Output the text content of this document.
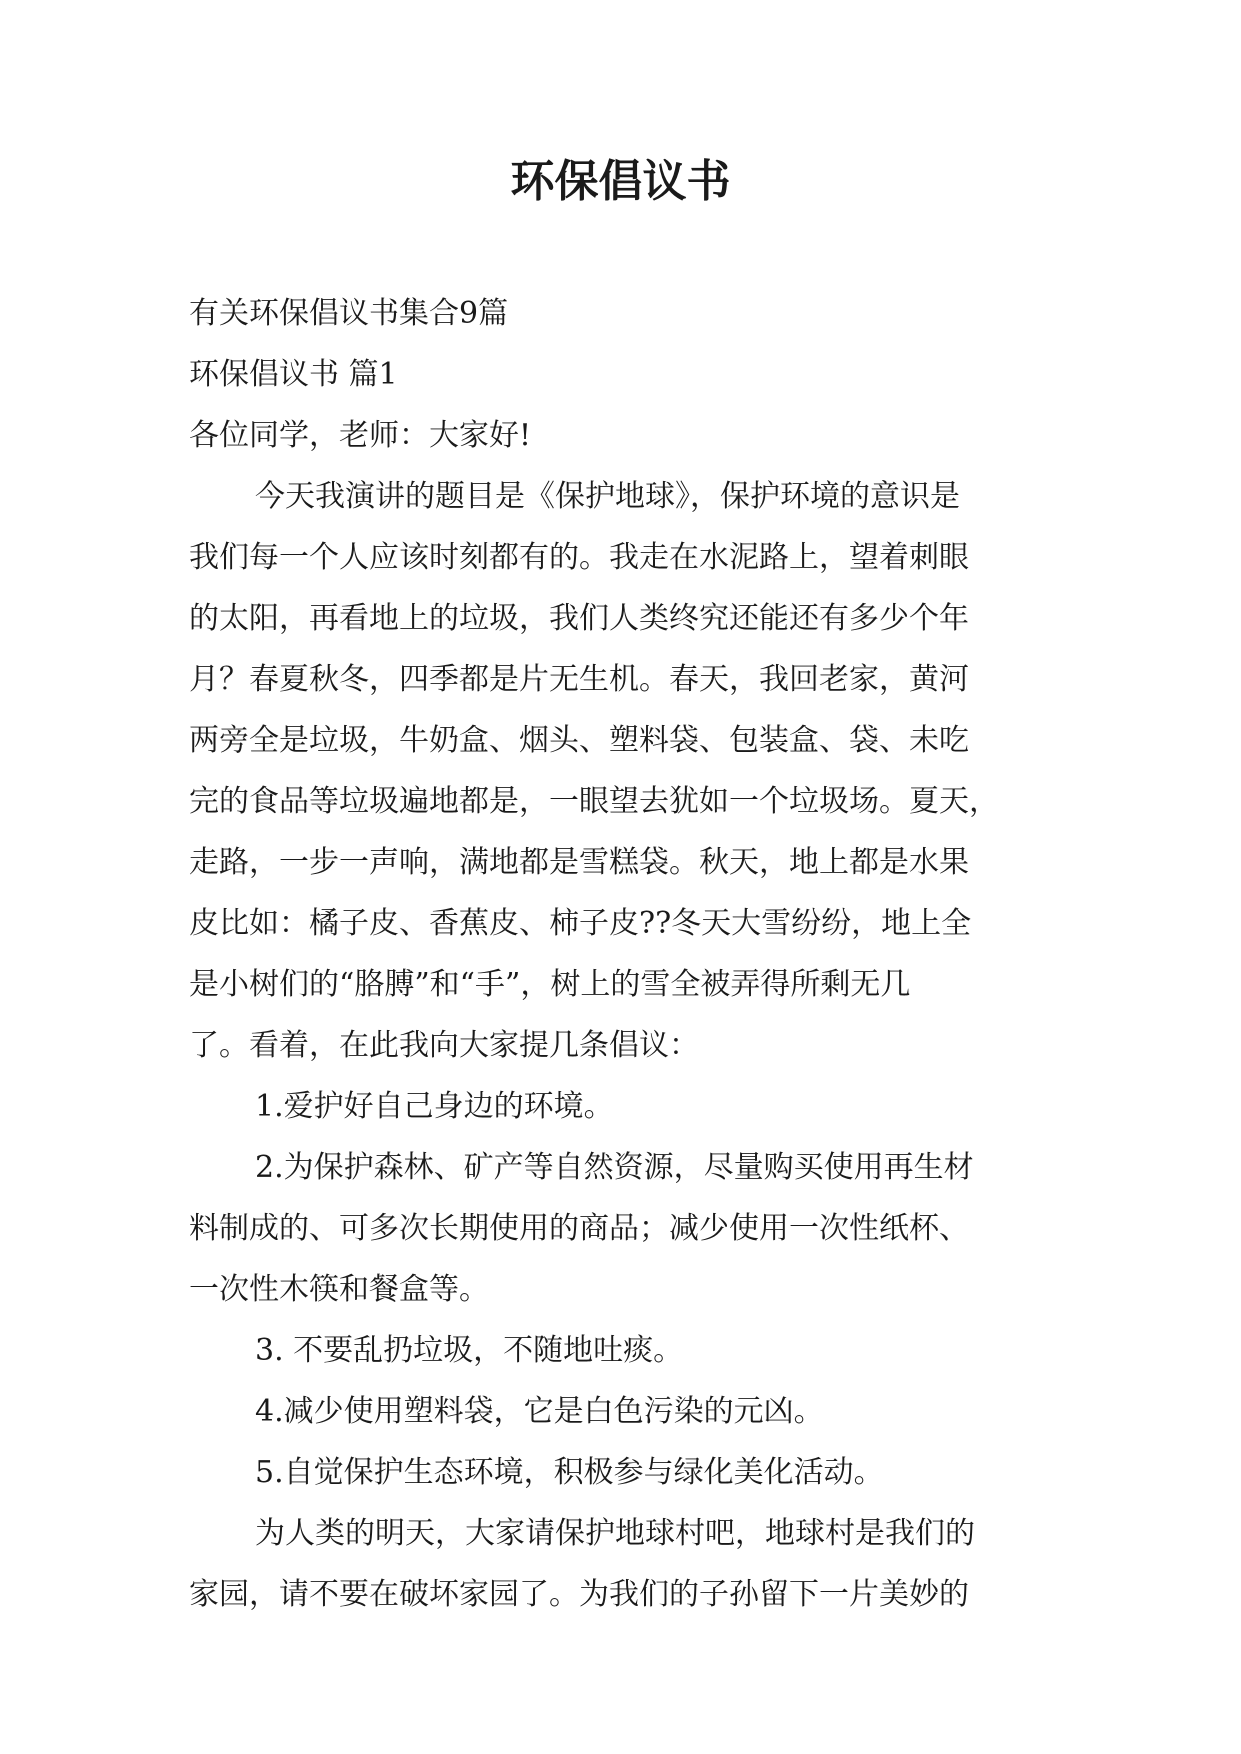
环保倡议书
有关环保倡议书集合9篇
环保倡议书 篇1
各位同学，老师：大家好!
今天我演讲的题目是《保护地球》，保护环境的意识是
我们每一个人应该时刻都有的。我走在水泥路上，望着刺眼
的太阳，再看地上的垃圾，我们人类终究还能还有多少个年
月？春夏秋冬，四季都是片无生机。春天，我回老家，黄河
两旁全是垃圾，牛奶盒、烟头、塑料袋、包装盒、袋、未吃
完的食品等垃圾遍地都是，一眼望去犹如一个垃圾场。夏天，
走路，一步一声响，满地都是雪糕袋。秋天，地上都是水果
皮比如：橘子皮、香蕉皮、柿子皮??冬天大雪纷纷，地上全
是小树们的“胳膊”和“手”，树上的雪全被弄得所剩无几
了。看着，在此我向大家提几条倡议：
1.爱护好自己身边的环境。
2.为保护森林、矿产等自然资源，尽量购买使用再生材
料制成的、可多次长期使用的商品；减少使用一次性纸杯、
一次性木筷和餐盒等。
3. 不要乱扔垃圾，不随地吐痰。
4.减少使用塑料袋，它是白色污染的元凶。
5.自觉保护生态环境，积极参与绿化美化活动。
为人类的明天，大家请保护地球村吧，地球村是我们的
家园，请不要在破坏家园了。为我们的子孙留下一片美妙的
